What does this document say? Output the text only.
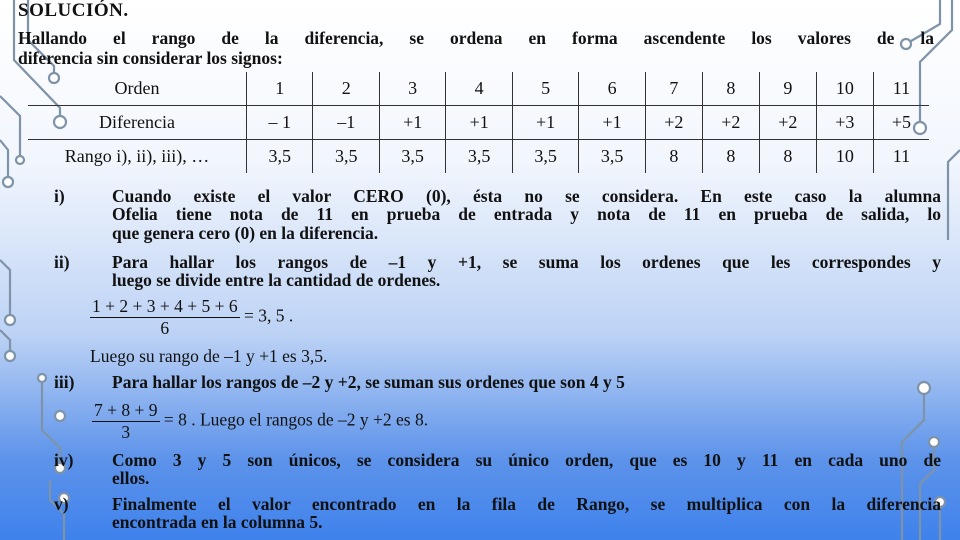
SOLUCIÓN.
Hallando el rango de la diferencia, se ordena en forma ascendente los valores de la
diferencia sin considerar los signos:
Orden	1	2	3	4	5	6	7	8	9	10	11
Diferencia	– 1	–1	+1	+1	+1	+1	+2	+2	+2	+3	+5
Rango i), ii), iii), …	3,5	3,5	3,5	3,5	3,5	3,5	8	8	8	10	11
i)	Cuando existe el valor CERO (0), ésta no se considera. En este caso la alumna
Ofelia tiene nota de 11 en prueba de entrada y nota de 11 en prueba de salida, lo
que genera cero (0) en la diferencia.
ii) Para hallar los rangos de –1 y +1, se suma los ordenes que les correspondes y
luego se divide entre la cantidad de ordenes.
$\frac{1 + 2 + 3 + 4 + 5 + 6}{6} = 3$, 5 .
Luego su rango de –1 y +1 es 3,5.
iii) Para hallar los rangos de –2 y +2, se suman sus ordenes que son 4 y 5
$\frac{7 + 8 + 9}{3} = 8$ . Luego el rangos de –2 y +2 es 8.
iv) Como 3 y 5 son únicos, se considera su único orden, que es 10 y 11 en cada uno de
ellos.
v) Finalmente el valor encontrado en la fila de Rango, se multiplica con la diferencia
encontrada en la columna 5.
